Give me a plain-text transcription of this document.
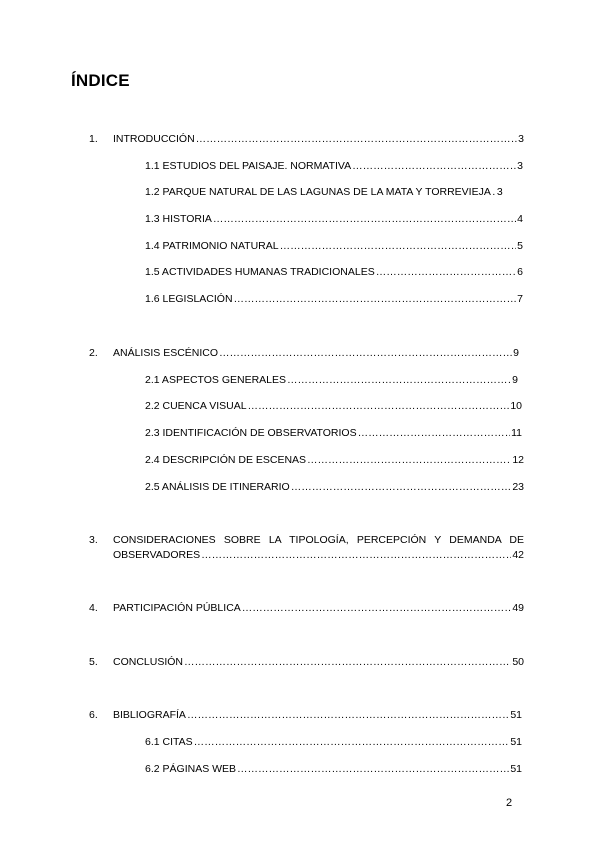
ÍNDICE
1.	INTRODUCCIÓN ……………………………………………………………………………………………………………………………………………………………………………………………………………………………………………	3
1.1 ESTUDIOS DEL PAISAJE. NORMATIVA ……………………………………………………………………………………………………………………………………………………………………………………………………………………………………………	3
1.2 PARQUE NATURAL DE LAS LAGUNAS DE LA MATA Y TORREVIEJA …………………………………………………………………………………………………………………………………………………………………………………………………………………………………………… 3
1.3 HISTORIA ……………………………………………………………………………………………………………………………………………………………………………………………………………………………………………	4
1.4 PATRIMONIO NATURAL ……………………………………………………………………………………………………………………………………………………………………………………………………………………………………………	5
1.5 ACTIVIDADES HUMANAS TRADICIONALES ……………………………………………………………………………………………………………………………………………………………………………………………………………………………………………	6
1.6 LEGISLACIÓN ……………………………………………………………………………………………………………………………………………………………………………………………………………………………………………	7
2.	ANÁLISIS ESCÉNICO ……………………………………………………………………………………………………………………………………………………………………………………………………………………………………………	9
2.1 ASPECTOS GENERALES ……………………………………………………………………………………………………………………………………………………………………………………………………………………………………………	9
2.2 CUENCA VISUAL ……………………………………………………………………………………………………………………………………………………………………………………………………………………………………………	10
2.3 IDENTIFICACIÓN DE OBSERVATORIOS ……………………………………………………………………………………………………………………………………………………………………………………………………………………………………………	11
2.4 DESCRIPCIÓN DE ESCENAS ……………………………………………………………………………………………………………………………………………………………………………………………………………………………………………	12
2.5 ANÁLISIS DE ITINERARIO ……………………………………………………………………………………………………………………………………………………………………………………………………………………………………………	23
3.	CONSIDERACIONES SOBRE LA TIPOLOGÍA, PERCEPCIÓN Y DEMANDA DE
OBSERVADORES ……………………………………………………………………………………………………………………………………………………………………………………………………………………………………………	42
4.	PARTICIPACIÓN PÚBLICA ……………………………………………………………………………………………………………………………………………………………………………………………………………………………………………	49
5.	CONCLUSIÓN ……………………………………………………………………………………………………………………………………………………………………………………………………………………………………………	50
6.	BIBLIOGRAFÍA ……………………………………………………………………………………………………………………………………………………………………………………………………………………………………………	51
6.1 CITAS ……………………………………………………………………………………………………………………………………………………………………………………………………………………………………………	51
6.2 PÁGINAS WEB ……………………………………………………………………………………………………………………………………………………………………………………………………………………………………………	51
2
